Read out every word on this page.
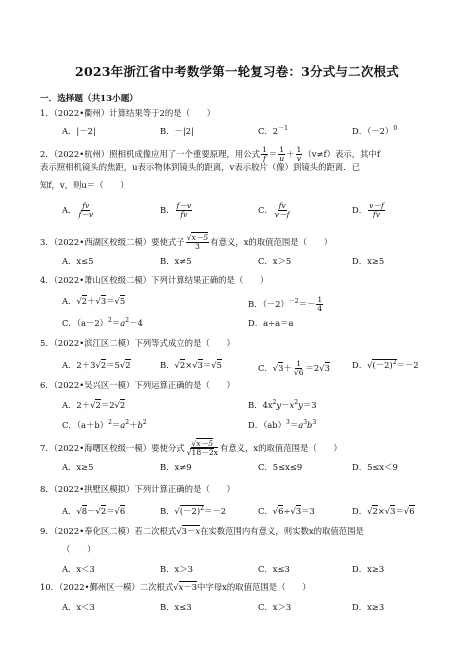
2023年浙江省中考数学第一轮复习卷：3分式与二次根式
一．选择题（共13小题）
1．（2022•衢州）计算结果等于2的是（　　）
A．|－2|	B．－|2|	C．$2^{-1}$	D．$(-2)^0$
2．（2022•杭州）照相机成像应用了一个重要原理，用公式 $\frac{1}{f} = \frac{1}{u} + \frac{1}{v} (v\ne f)$表示，其中f
表示照相机镜头的焦距，u表示物体到镜头的距离，v表示胶片（像）到镜头的距离．已
知f，v，则u＝（　　）
A． $\frac{fv}{f-v}$	B． $\frac{f-v}{fv}$	C． $\frac{fv}{v-f}$	D． $\frac{v-f}{fv}$
3．（2022•西湖区校级二模）要使式子 $\frac{√x-5}{3}$ 有意义，x的取值范围是（　　）
A．x≤5	B．x≠5	C．x＞5	D．x≥5
4．（2022•萧山区校级二模）下列计算结果正确的是（　　）
A．√2＋√3＝√5	B．$(-2)^{-2}=- \frac{1}{4}$
C．$(a-2)^2=a^2-4$	D．a÷a＝a
5．（2022•滨江区二模）下列等式成立的是（　　）
A．2＋3√2＝5√2	B．√2×√3＝√5	C．$√3+ \frac{1}{√6} =2√3$	D．$√(-2)^2=-2$
6．（2022•吴兴区一模）下列运算正确的是（　　）
A．2＋√2＝2√2	B．$4x^2y-x^2y=3$
C．$(a+b)^2=a^2+b^2$	D．$(ab)^3=a^3b^3$
7．（2022•海曙区校级一模）要使分式 $\frac{√x-5}{√18-2x}$ 有意义，x的取值范围是（　　）
A．x≥5	B．x≠9	C．5≤x≤9	D．5≤x＜9
8．（2022•拱墅区模拟）下列计算正确的是（　　）
A．√8－√2＝√6	B．$√(-2)^2=-2$	C．√6÷√3＝3	D．√2×√3＝√6
9．（2022•奉化区二模）若二次根式√3－x在实数范围内有意义，则实数x的取值范围是
（　　）
A．x＜3	B．x＞3	C．x≤3	D．x≥3
10．（2022•鄞州区一模）二次根式√x－3中字母x的取值范围是（　　）
A．x＜3	B．x≤3	C．x＞3	D．x≥3
